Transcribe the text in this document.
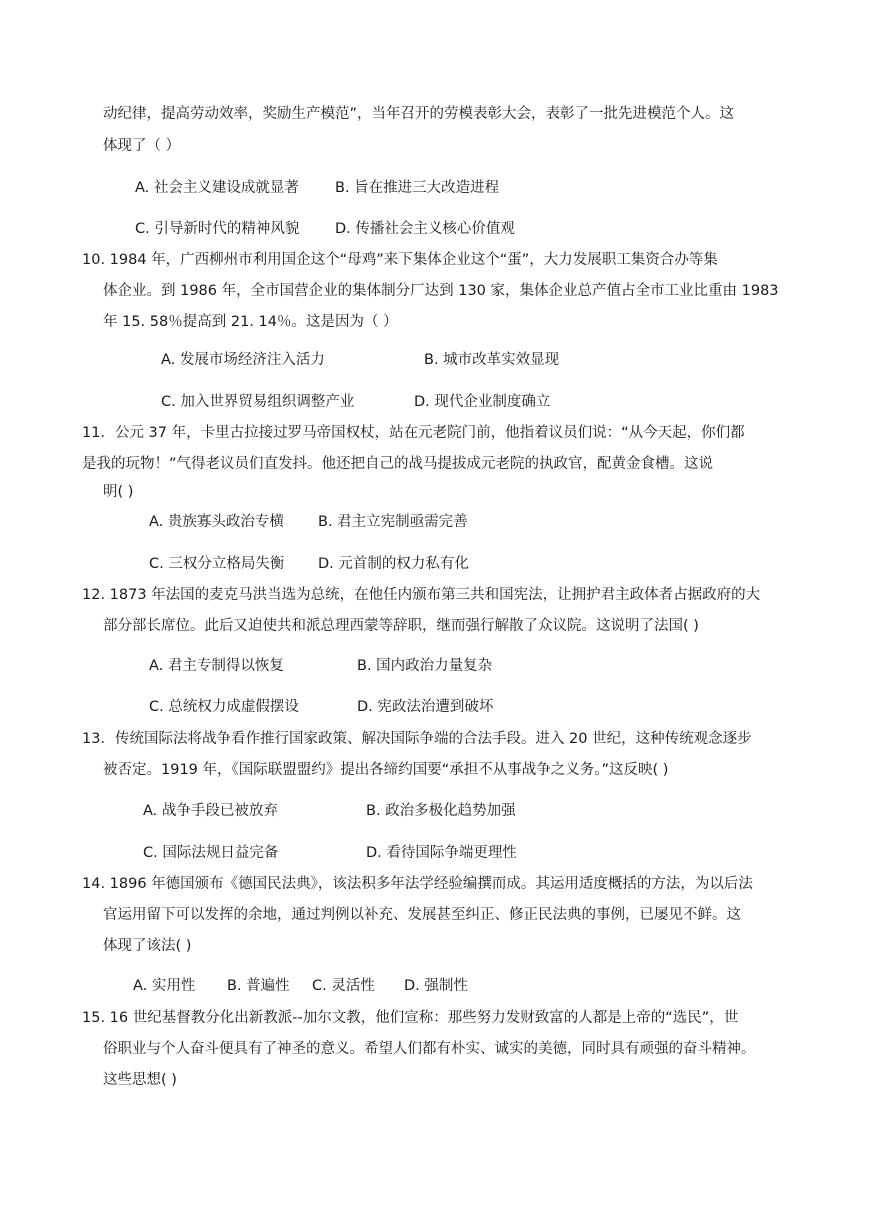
动纪律，提高劳动效率，奖励生产模范”，当年召开的劳模表彰大会，表彰了一批先进模范个人。这
体现了（ ）
A. 社会主义建设成就显著 B. 旨在推进三大改造进程
C. 引导新时代的精神风貌 D. 传播社会主义核心价值观
10. 1984 年，广西柳州市利用国企这个“母鸡”来下集体企业这个“蛋”，大力发展职工集资合办等集
体企业。到 1986 年，全市国营企业的集体制分厂达到 130 家，集体企业总产值占全市工业比重由 1983
年 15. 58％提高到 21. 14％。这是因为（ ）
A. 发展市场经济注入活力	B. 城市改革实效显现
C. 加入世界贸易组织调整产业	D. 现代企业制度确立
11．公元 37 年，卡里古拉接过罗马帝国权杖，站在元老院门前，他指着议员们说：“从今天起，你们都
是我的玩物！”气得老议员们直发抖。他还把自己的战马提拔成元老院的执政官，配黄金食槽。这说
明( )
A. 贵族寡头政治专横 B. 君主立宪制亟需完善
C. 三权分立格局失衡 D. 元首制的权力私有化
12. 1873 年法国的麦克马洪当选为总统，在他任内颁布第三共和国宪法，让拥护君主政体者占据政府的大
部分部长席位。此后又迫使共和派总理西蒙等辞职，继而强行解散了众议院。这说明了法国( )
A. 君主专制得以恢复	B. 国内政治力量复杂
C. 总统权力成虚假摆设	D. 宪政法治遭到破坏
13．传统国际法将战争看作推行国家政策、解决国际争端的合法手段。进入 20 世纪，这种传统观念逐步
被否定。1919 年，《国际联盟盟约》提出各缔约国要“承担不从事战争之义务。”这反映( )
A. 战争手段已被放弃	B. 政治多极化趋势加强
C. 国际法规日益完备	D. 看待国际争端更理性
14. 1896 年德国颁布《德国民法典》，该法积多年法学经验编撰而成。其运用适度概括的方法，为以后法
官运用留下可以发挥的余地，通过判例以补充、发展甚至纠正、修正民法典的事例，已屡见不鲜。这
体现了该法( )
A. 实用性 B. 普遍性 C. 灵活性 D. 强制性
15. 16 世纪基督教分化出新教派--加尔文教，他们宣称：那些努力发财致富的人都是上帝的“选民”，世
俗职业与个人奋斗便具有了神圣的意义。希望人们都有朴实、诚实的美德，同时具有顽强的奋斗精神。
这些思想( )
